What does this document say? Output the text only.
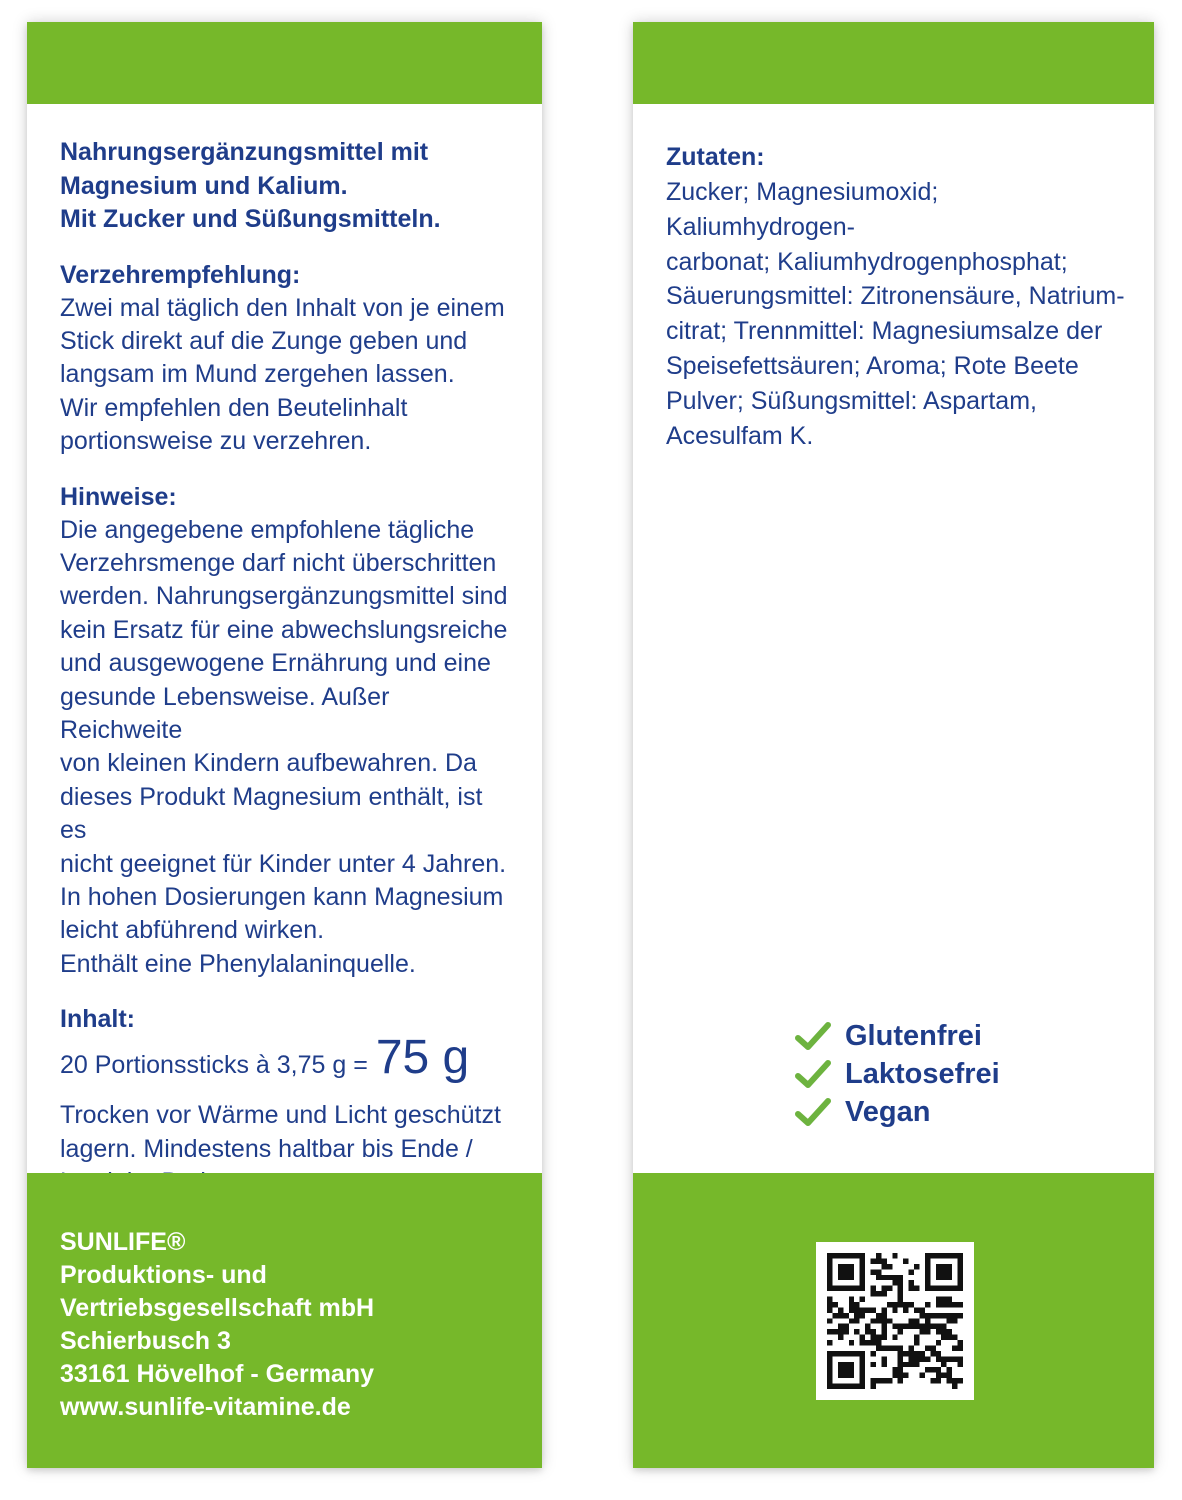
Nahrungsergänzungsmittel mit
Magnesium und Kalium.
Mit Zucker und Süßungsmitteln.

Verzehrempfehlung:

Zwei mal täglich den Inhalt von je einem
Stick direkt auf die Zunge geben und
langsam im Mund zergehen lassen.
Wir empfehlen den Beutelinhalt
portionsweise zu verzehren.

Hinweise:

Die angegebene empfohlene tägliche
Verzehrsmenge darf nicht überschritten
werden. Nahrungsergänzungsmittel sind
kein Ersatz für eine abwechslungsreiche
und ausgewogene Ernährung und eine
gesunde Lebensweise. Außer Reichweite
von kleinen Kindern aufbewahren. Da
dieses Produkt Magnesium enthält, ist es
nicht geeignet für Kinder unter 4 Jahren.
In hohen Dosierungen kann Magnesium
leicht abführend wirken.
Enthält eine Phenylalaninquelle.

Inhalt:

20 Portionssticks à 3,75 g = 75 g

Trocken vor Wärme und Licht geschützt
lagern. Mindestens haltbar bis Ende /

SUNLIFE®
Produktions- und
Vertriebsgesellschaft mbH
Schierbusch 3
33161 Hövelhof - Germany
www.sunlife-vitamine.de

Zutaten:

Zucker; Magnesiumoxid; Kaliumhydrogen-
carbonat; Kaliumhydrogenphosphat;
Säuerungsmittel: Zitronensäure, Natrium-
citrat; Trennmittel: Magnesiumsalze der
Speisefettsäuren; Aroma; Rote Beete
Pulver; Süßungsmittel: Aspartam,
Acesulfam K.

Glutenfrei
Laktosefrei
Vegan
